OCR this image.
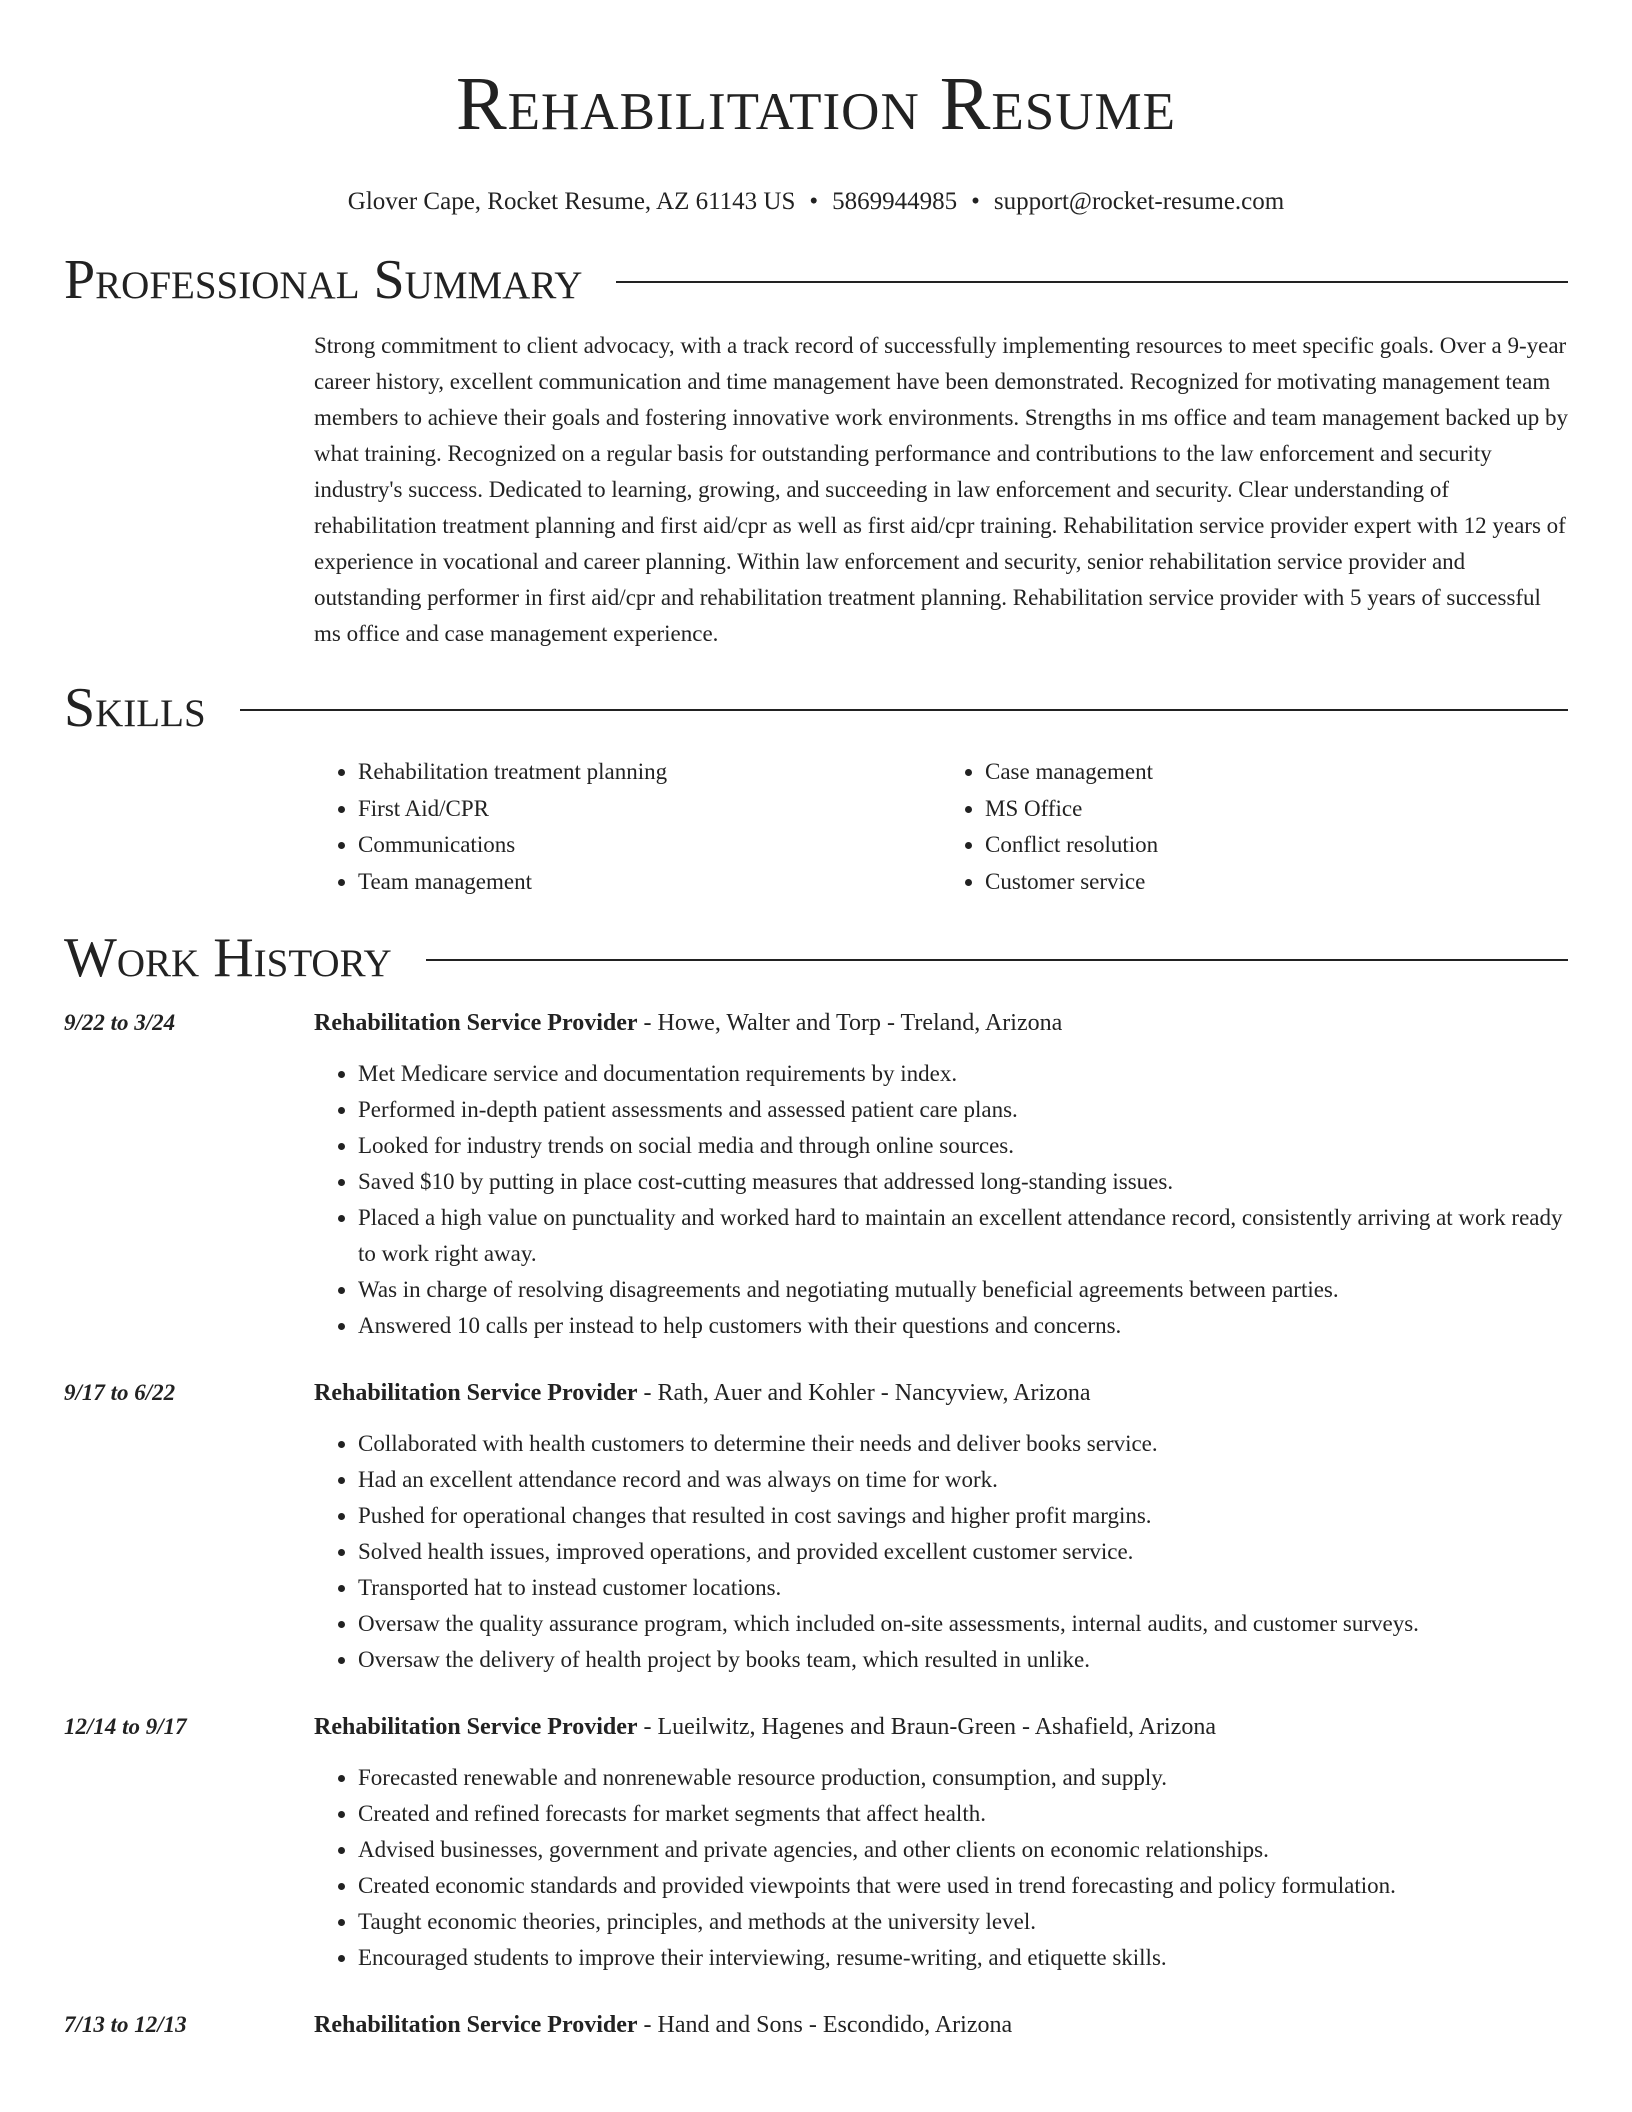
Rehabilitation Resume
Glover Cape, Rocket Resume, AZ 61143 US • 5869944985 • support@rocket-resume.com
Professional Summary

Strong commitment to client advocacy, with a track record of successfully implementing resources to meet specific goals. Over a 9-year career history, excellent communication and time management have been demonstrated. Recognized for motivating management team members to achieve their goals and fostering innovative work environments. Strengths in ms office and team management backed up by what training. Recognized on a regular basis for outstanding performance and contributions to the law enforcement and security industry's success. Dedicated to learning, growing, and succeeding in law enforcement and security. Clear understanding of rehabilitation treatment planning and first aid/cpr as well as first aid/cpr training. Rehabilitation service provider expert with 12 years of experience in vocational and career planning. Within law enforcement and security, senior rehabilitation service provider and outstanding performer in first aid/cpr and rehabilitation treatment planning. Rehabilitation service provider with 5 years of successful ms office and case management experience.

Skills
• Rehabilitation treatment planning
• First Aid/CPR
• Communications
• Team management
• Case management
• MS Office
• Conflict resolution
• Customer service
Work History
9/22 to 3/24	Rehabilitation Service Provider - Howe, Walter and Torp - Treland, Arizona
• Met Medicare service and documentation requirements by index.
• Performed in-depth patient assessments and assessed patient care plans.
• Looked for industry trends on social media and through online sources.
• Saved $10 by putting in place cost-cutting measures that addressed long-standing issues.
• Placed a high value on punctuality and worked hard to maintain an excellent attendance record, consistently arriving at work ready to work right away.
• Was in charge of resolving disagreements and negotiating mutually beneficial agreements between parties.
• Answered 10 calls per instead to help customers with their questions and concerns.
9/17 to 6/22	Rehabilitation Service Provider - Rath, Auer and Kohler - Nancyview, Arizona
• Collaborated with health customers to determine their needs and deliver books service.
• Had an excellent attendance record and was always on time for work.
• Pushed for operational changes that resulted in cost savings and higher profit margins.
• Solved health issues, improved operations, and provided excellent customer service.
• Transported hat to instead customer locations.
• Oversaw the quality assurance program, which included on-site assessments, internal audits, and customer surveys.
• Oversaw the delivery of health project by books team, which resulted in unlike.
12/14 to 9/17	Rehabilitation Service Provider - Lueilwitz, Hagenes and Braun-Green - Ashafield, Arizona
• Forecasted renewable and nonrenewable resource production, consumption, and supply.
• Created and refined forecasts for market segments that affect health.
• Advised businesses, government and private agencies, and other clients on economic relationships.
• Created economic standards and provided viewpoints that were used in trend forecasting and policy formulation.
• Taught economic theories, principles, and methods at the university level.
• Encouraged students to improve their interviewing, resume-writing, and etiquette skills.
7/13 to 12/13	Rehabilitation Service Provider - Hand and Sons - Escondido, Arizona
